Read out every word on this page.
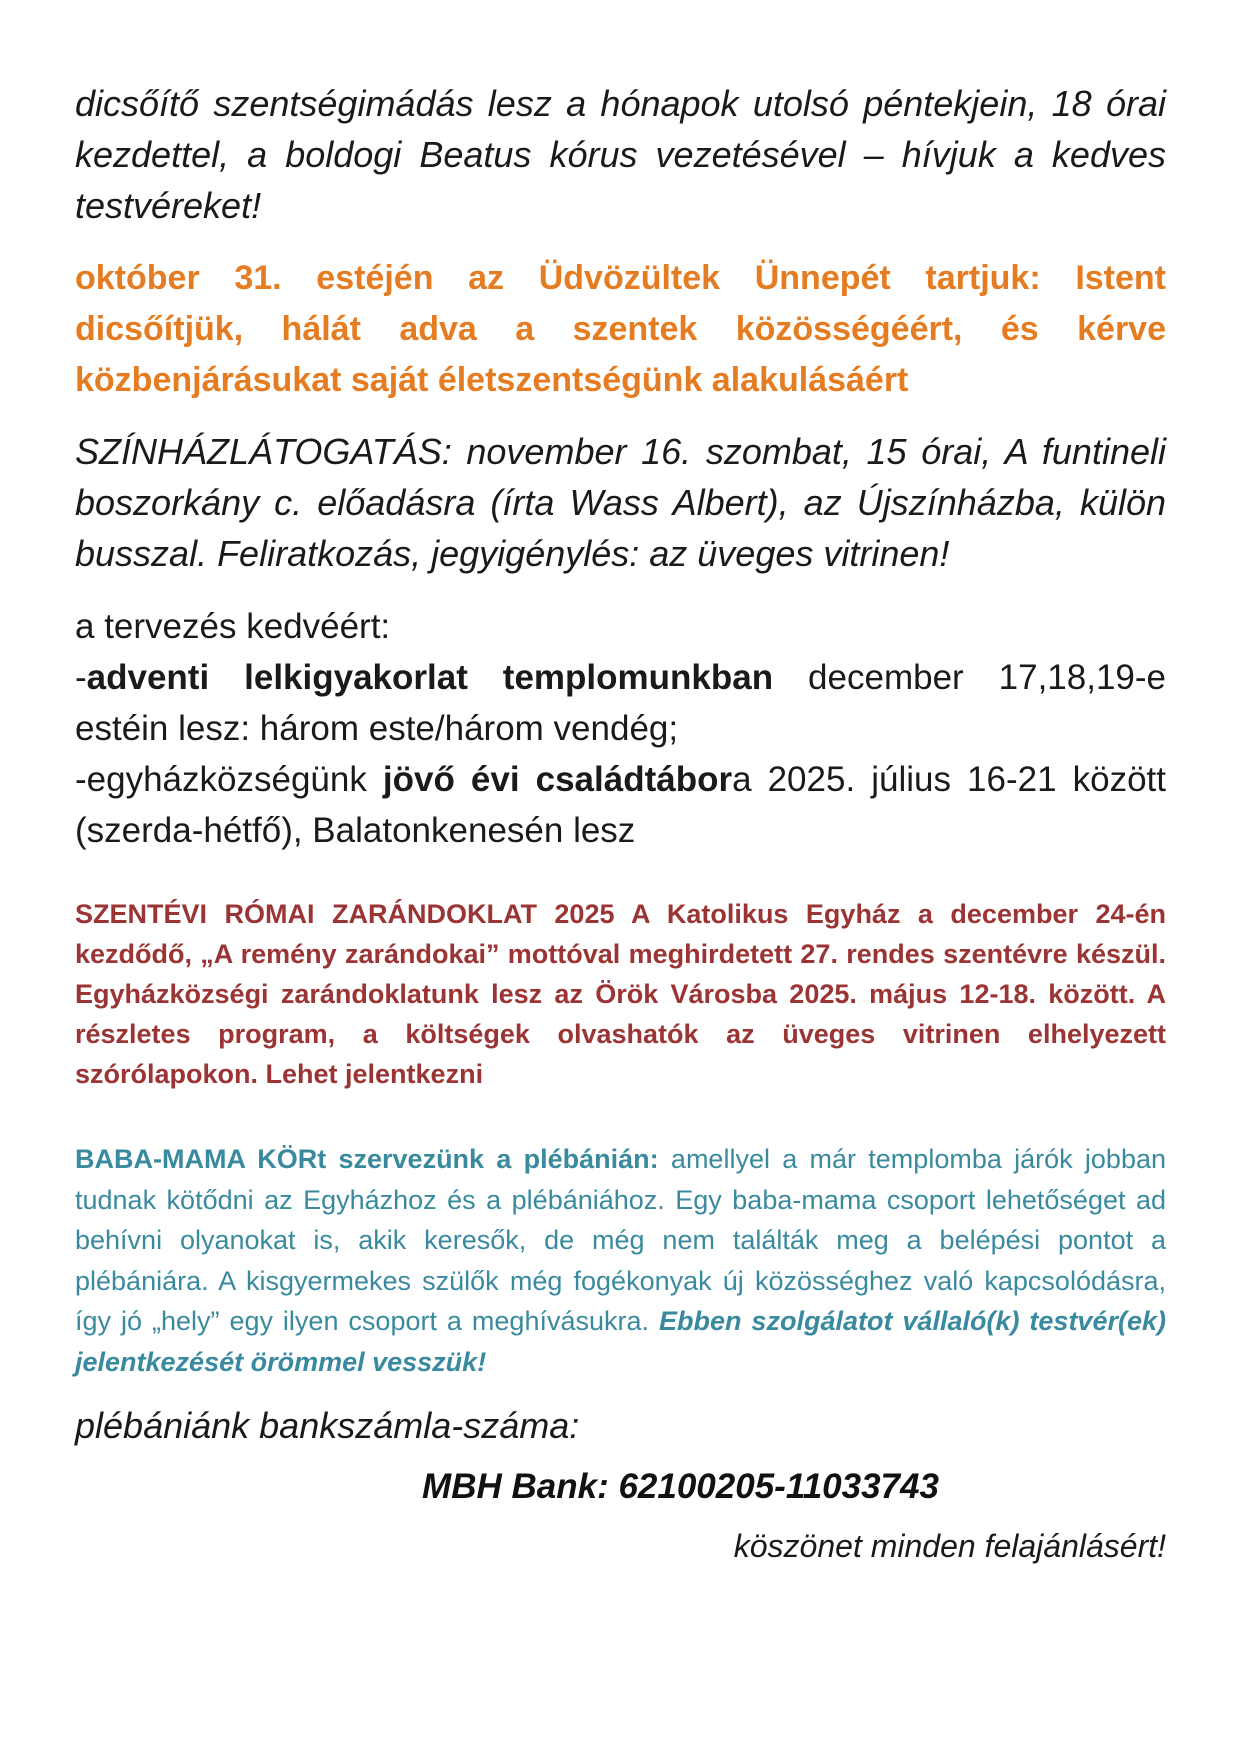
dicsőítő szentségimádás lesz a hónapok utolsó péntekjein, 18 órai kezdettel, a boldogi Beatus kórus vezetésével – hívjuk a kedves testvéreket!

október 31. estéjén az Üdvözültek Ünnepét tartjuk: Istent dicsőítjük, hálát adva a szentek közösségéért, és kérve közbenjárásukat saját életszentségünk alakulásáért

SZÍNHÁZLÁTOGATÁS: november 16. szombat, 15 órai, A funtineli boszorkány c. előadásra (írta Wass Albert), az Újszínházba, külön busszal. Feliratkozás, jegyigénylés: az üveges vitrinen!

a tervezés kedvéért:
-adventi lelkigyakorlat templomunkban december 17,18,19-e estéin lesz: három este/három vendég;
-egyházközségünk jövő évi családtábora 2025. július 16-21 között (szerda-hétfő), Balatonkenesén lesz

SZENTÉVI RÓMAI ZARÁNDOKLAT 2025 A Katolikus Egyház a december 24-én kezdődő, „A remény zarándokai” mottóval meghirdetett 27. rendes szentévre készül. Egyházközségi zarándoklatunk lesz az Örök Városba 2025. május 12-18. között. A részletes program, a költségek olvashatók az üveges vitrinen elhelyezett szórólapokon. Lehet jelentkezni

BABA-MAMA KÖRt szervezünk a plébánián: amellyel a már templomba járók jobban tudnak kötődni az Egyházhoz és a plébániához. Egy baba-mama csoport lehetőséget ad behívni olyanokat is, akik keresők, de még nem találták meg a belépési pontot a plébániára. A kisgyermekes szülők még fogékonyak új közösséghez való kapcsolódásra, így jó „hely” egy ilyen csoport a meghívásukra. Ebben szolgálatot vállaló(k) testvér(ek) jelentkezését örömmel vesszük!

plébániánk bankszámla-száma:
MBH Bank: 62100205-11033743
köszönet minden felajánlásért!
